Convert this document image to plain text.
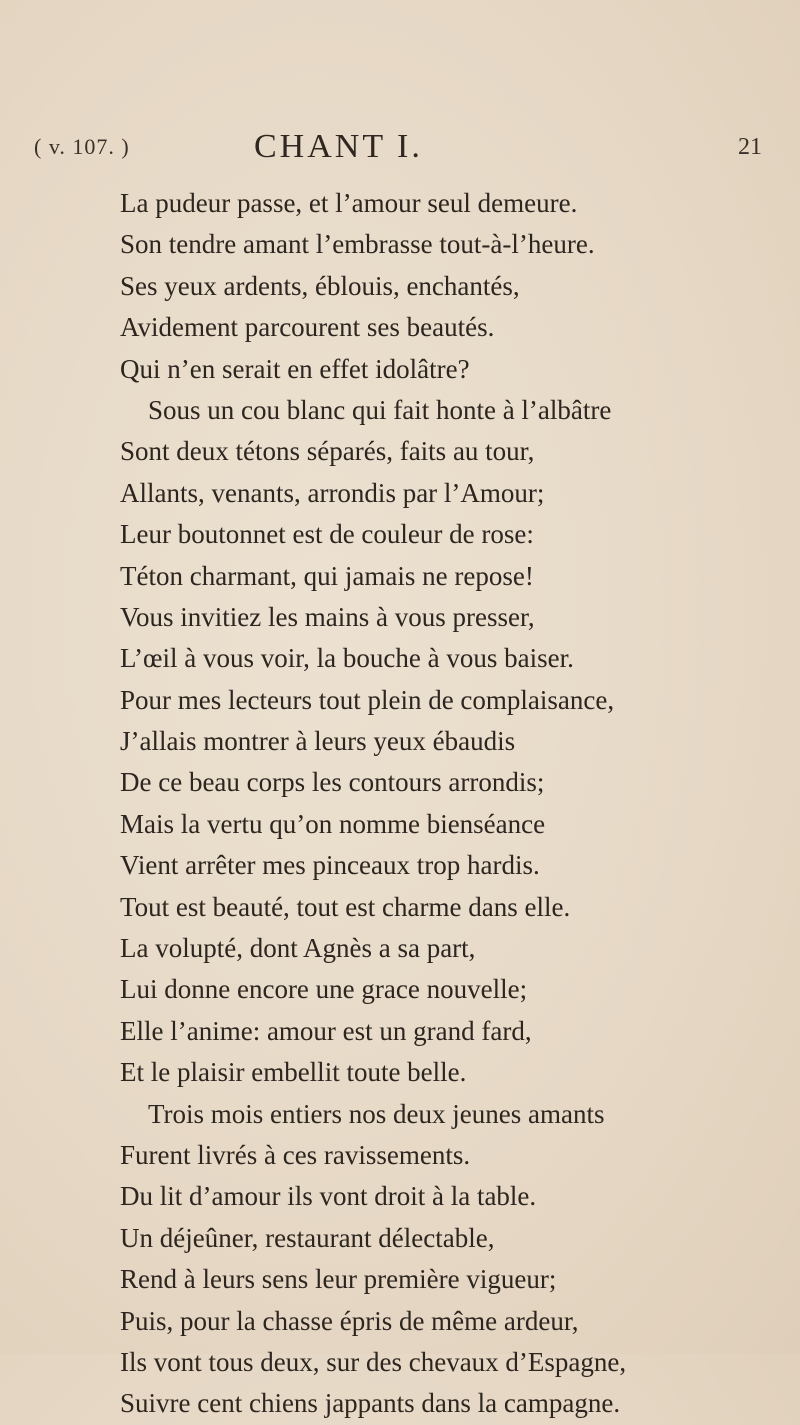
( v. 107. )	CHANT I.	21
La pudeur passe, et l’amour seul demeure.
Son tendre amant l’embrasse tout-à-l’heure.
Ses yeux ardents, éblouis, enchantés,
Avidement parcourent ses beautés.
Qui n’en serait en effet idolâtre?
Sous un cou blanc qui fait honte à l’albâtre
Sont deux tétons séparés, faits au tour,
Allants, venants, arrondis par l’Amour;
Leur boutonnet est de couleur de rose:
Téton charmant, qui jamais ne repose!
Vous invitiez les mains à vous presser,
L’œil à vous voir, la bouche à vous baiser.
Pour mes lecteurs tout plein de complaisance,
J’allais montrer à leurs yeux ébaudis
De ce beau corps les contours arrondis;
Mais la vertu qu’on nomme bienséance
Vient arrêter mes pinceaux trop hardis.
Tout est beauté, tout est charme dans elle.
La volupté, dont Agnès a sa part,
Lui donne encore une grace nouvelle;
Elle l’anime: amour est un grand fard,
Et le plaisir embellit toute belle.
Trois mois entiers nos deux jeunes amants
Furent livrés à ces ravissements.
Du lit d’amour ils vont droit à la table.
Un déjeûner, restaurant délectable,
Rend à leurs sens leur première vigueur;
Puis, pour la chasse épris de même ardeur,
Ils vont tous deux, sur des chevaux d’Espagne,
Suivre cent chiens jappants dans la campagne.
